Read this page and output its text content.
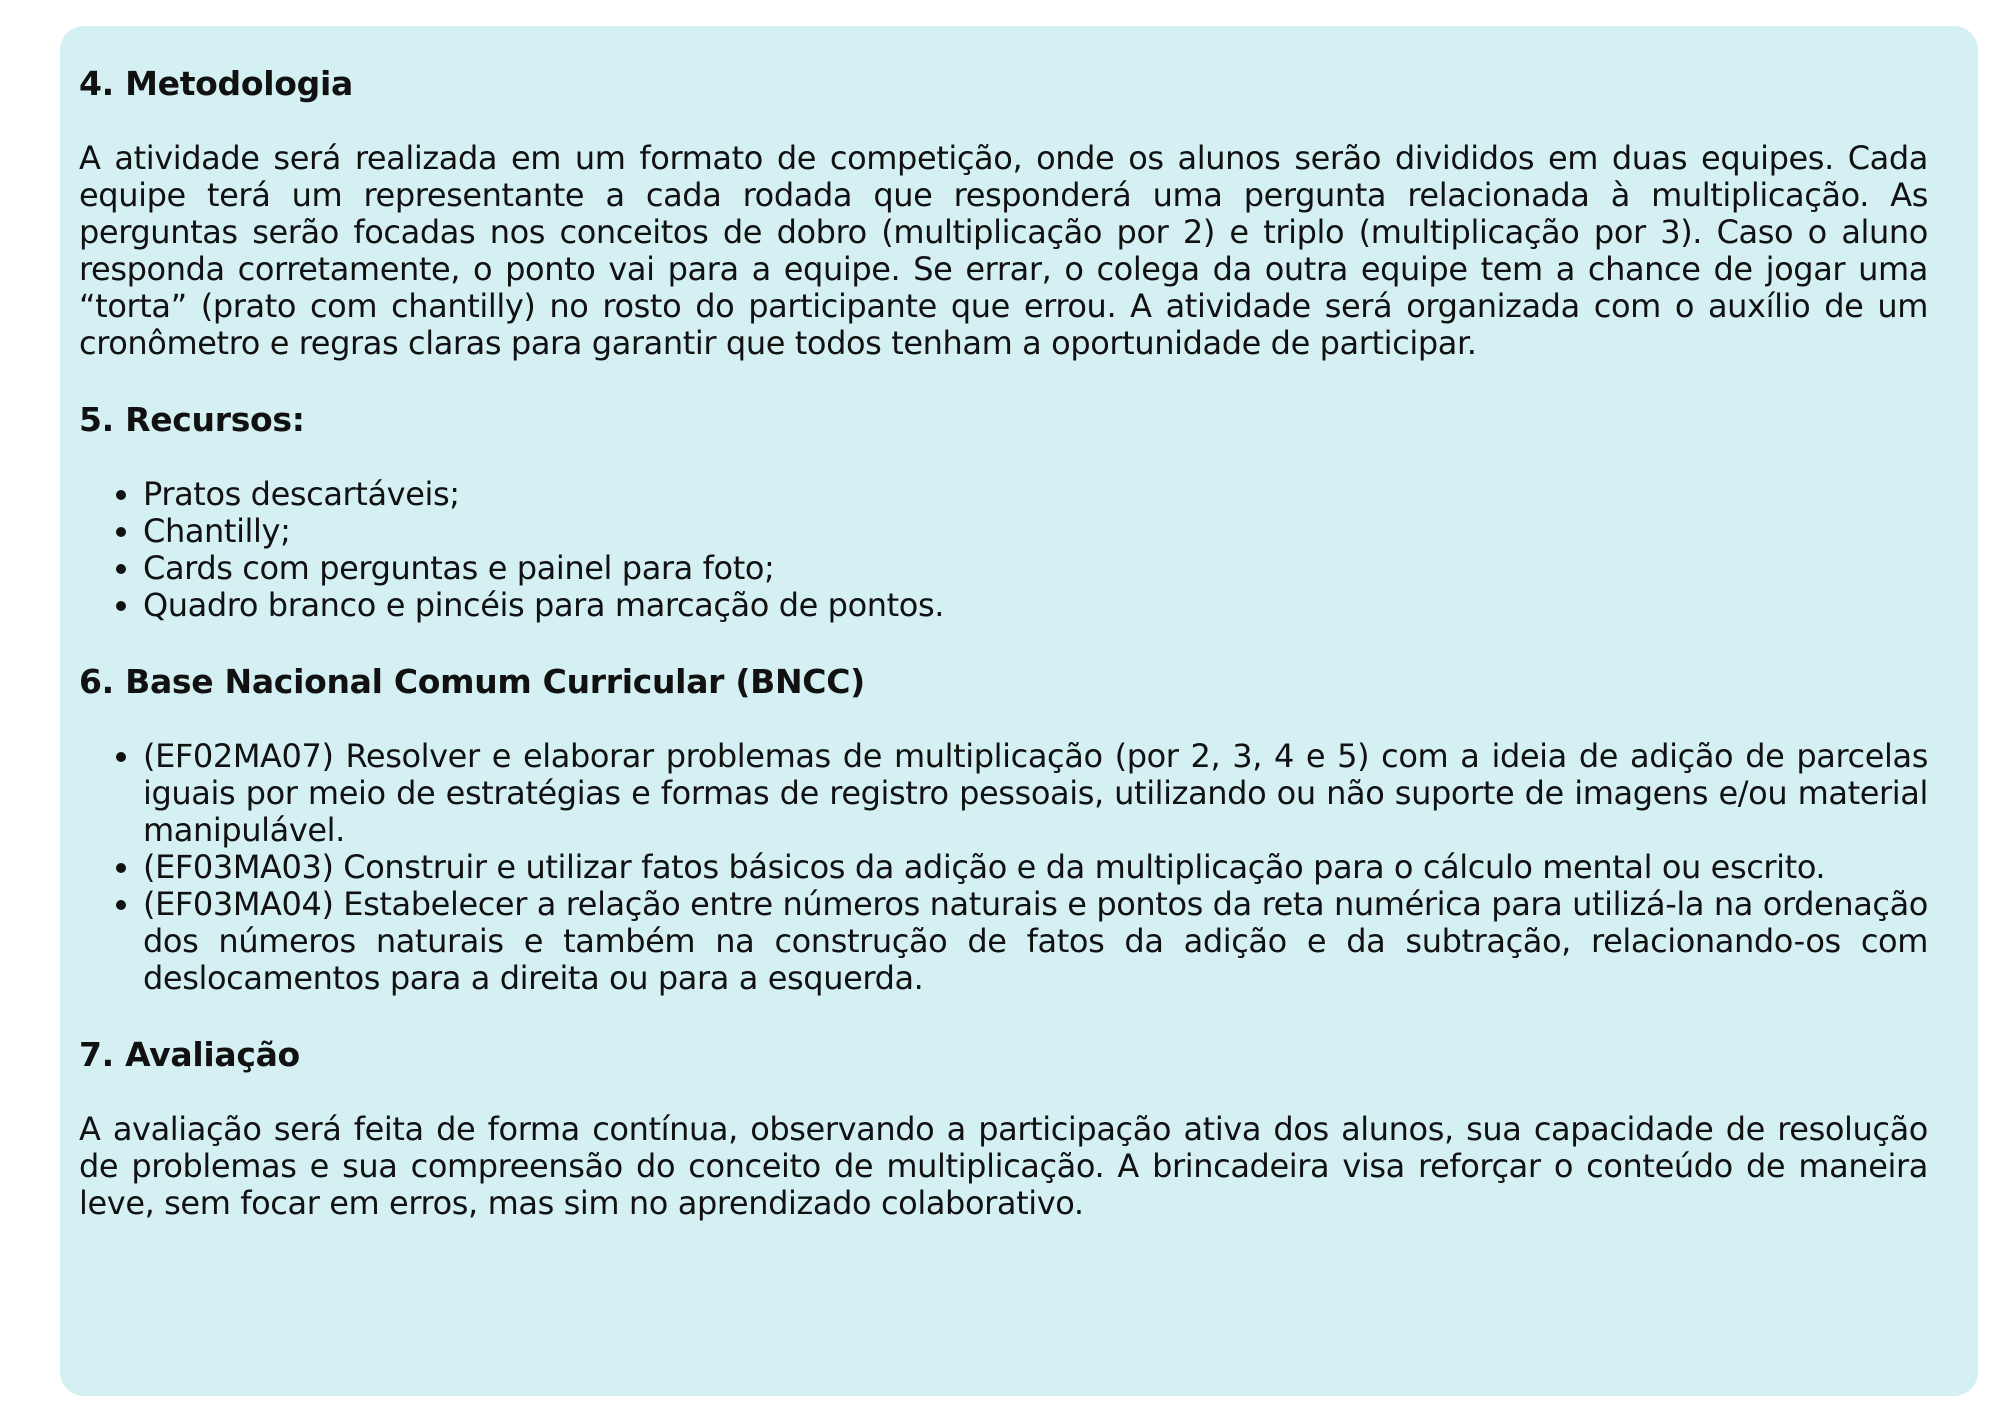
4. Metodologia

A atividade será realizada em um formato de competição, onde os alunos serão divididos em duas equipes. Cada equipe terá um representante a cada rodada que responderá uma pergunta relacionada à multiplicação. As perguntas serão focadas nos conceitos de dobro (multiplicação por 2) e triplo (multiplicação por 3). Caso o aluno responda corretamente, o ponto vai para a equipe. Se errar, o colega da outra equipe tem a chance de jogar uma “torta” (prato com chantilly) no rosto do participante que errou. A atividade será organizada com o auxílio de um cronômetro e regras claras para garantir que todos tenham a oportunidade de participar.

5. Recursos:
• Pratos descartáveis;
• Chantilly;
• Cards com perguntas e painel para foto;
• Quadro branco e pincéis para marcação de pontos.
6. Base Nacional Comum Curricular (BNCC)
• (EF02MA07) Resolver e elaborar problemas de multiplicação (por 2, 3, 4 e 5) com a ideia de adição de parcelas iguais por meio de estratégias e formas de registro pessoais, utilizando ou não suporte de imagens e/ou material manipulável.
• (EF03MA03) Construir e utilizar fatos básicos da adição e da multiplicação para o cálculo mental ou escrito.
• (EF03MA04) Estabelecer a relação entre números naturais e pontos da reta numérica para utilizá-la na ordenação dos números naturais e também na construção de fatos da adição e da subtração, relacionando-os com deslocamentos para a direita ou para a esquerda.
7. Avaliação

A avaliação será feita de forma contínua, observando a participação ativa dos alunos, sua capacidade de resolução de problemas e sua compreensão do conceito de multiplicação. A brincadeira visa reforçar o conteúdo de maneira leve, sem focar em erros, mas sim no aprendizado colaborativo.
